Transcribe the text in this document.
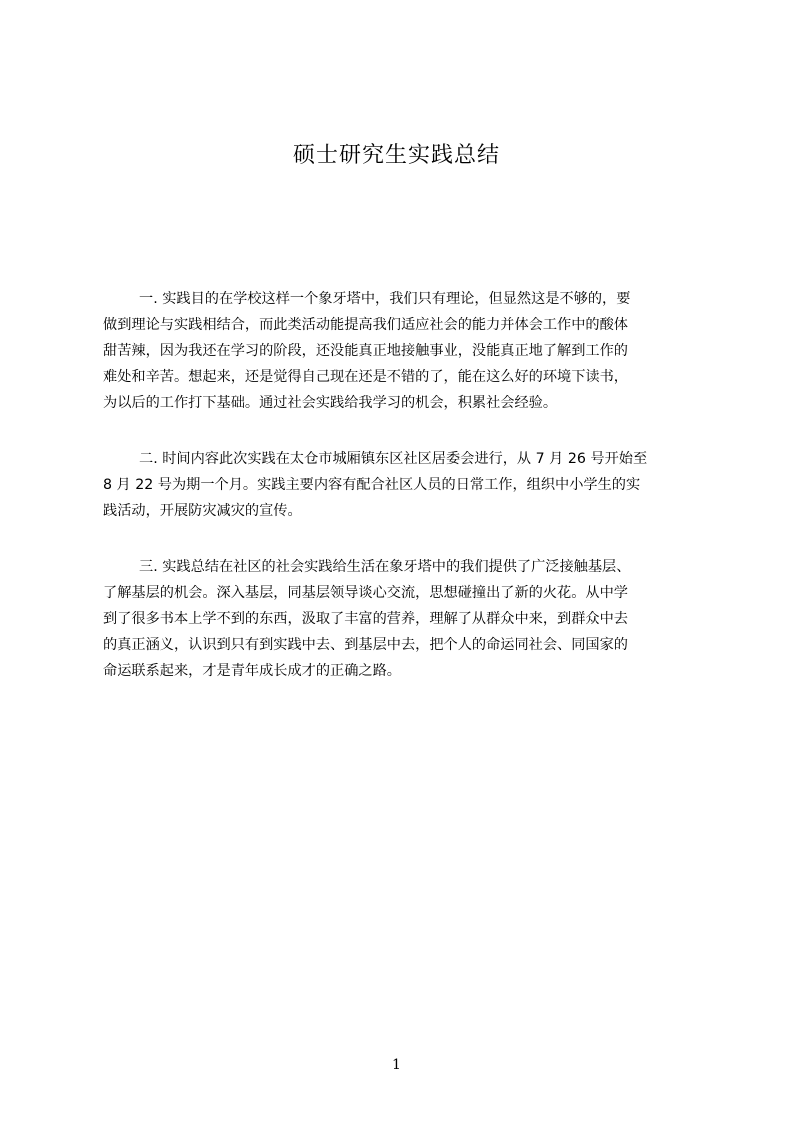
硕士研究生实践总结
一. 实践目的在学校这样一个象牙塔中，我们只有理论，但显然这是不够的，要
做到理论与实践相结合，而此类活动能提高我们适应社会的能力并体会工作中的酸体
甜苦辣，因为我还在学习的阶段，还没能真正地接触事业，没能真正地了解到工作的
难处和辛苦。想起来，还是觉得自己现在还是不错的了，能在这么好的环境下读书，
为以后的工作打下基础。通过社会实践给我学习的机会，积累社会经验。
二. 时间内容此次实践在太仓市城厢镇东区社区居委会进行，从 7 月 26 号开始至
8 月 22 号为期一个月。实践主要内容有配合社区人员的日常工作，组织中小学生的实
践活动，开展防灾减灾的宣传。
三. 实践总结在社区的社会实践给生活在象牙塔中的我们提供了广泛接触基层、
了解基层的机会。深入基层，同基层领导谈心交流，思想碰撞出了新的火花。从中学
到了很多书本上学不到的东西，汲取了丰富的营养，理解了从群众中来，到群众中去
的真正涵义，认识到只有到实践中去、到基层中去，把个人的命运同社会、同国家的
命运联系起来，才是青年成长成才的正确之路。
1
